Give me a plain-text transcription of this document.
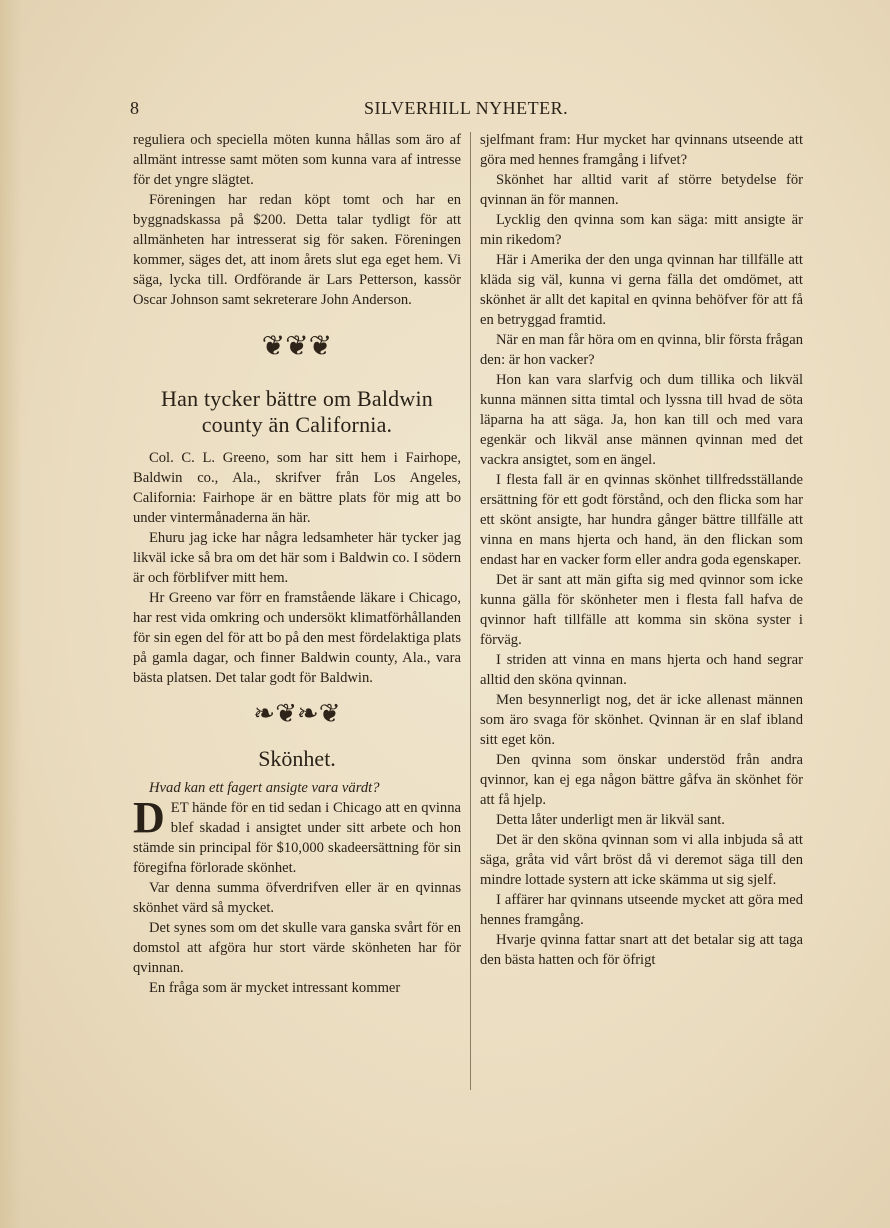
8	SILVERHILL NYHETER.

reguliera och speciella möten kunna hållas som äro af allmänt intresse samt möten som kunna vara af intresse för det yngre slägtet.

Föreningen har redan köpt tomt och har en byggnadskassa på $200. Detta talar tydligt för att allmänheten har intresserat sig för saken. Föreningen kommer, säges det, att inom årets slut ega eget hem. Vi säga, lycka till. Ordförande är Lars Petterson, kassör Oscar Johnson samt sekreterare John Anderson.

❦❦❦
Han tycker bättre om Baldwin county än California.

Col. C. L. Greeno, som har sitt hem i Fairhope, Baldwin co., Ala., skrifver från Los Angeles, California: Fairhope är en bättre plats för mig att bo under vintermånaderna än här.

Ehuru jag icke har några ledsamheter här tycker jag likväl icke så bra om det här som i Baldwin co. I södern är och förblifver mitt hem.

Hr Greeno var förr en framstående läkare i Chicago, har rest vida omkring och undersökt klimatförhållanden för sin egen del för att bo på den mest fördelaktiga plats på gamla dagar, och finner Baldwin county, Ala., vara bästa platsen. Det talar godt för Baldwin.

❧❦❧❦
Skönhet.

Hvad kan ett fagert ansigte vara värdt?

DET hände för en tid sedan i Chicago att en qvinna blef skadad i ansigtet under sitt arbete och hon stämde sin principal för $10,000 skadeersättning för sin föregifna förlorade skönhet.

Var denna summa öfverdrifven eller är en qvinnas skönhet värd så mycket.

Det synes som om det skulle vara ganska svårt för en domstol att afgöra hur stort värde skönheten har för qvinnan.

En fråga som är mycket intressant kommer

sjelfmant fram: Hur mycket har qvinnans utseende att göra med hennes framgång i lifvet?

Skönhet har alltid varit af större betydelse för qvinnan än för mannen.

Lycklig den qvinna som kan säga: mitt ansigte är min rikedom?

Här i Amerika der den unga qvinnan har tillfälle att kläda sig väl, kunna vi gerna fälla det omdömet, att skönhet är allt det kapital en qvinna behöfver för att få en betryggad framtid.

När en man får höra om en qvinna, blir första frågan den: är hon vacker?

Hon kan vara slarfvig och dum tillika och likväl kunna männen sitta timtal och lyssna till hvad de söta läparna ha att säga. Ja, hon kan till och med vara egenkär och likväl anse männen qvinnan med det vackra ansigtet, som en ängel.

I flesta fall är en qvinnas skönhet tillfredsställande ersättning för ett godt förstånd, och den flicka som har ett skönt ansigte, har hundra gånger bättre tillfälle att vinna en mans hjerta och hand, än den flickan som endast har en vacker form eller andra goda egenskaper.

Det är sant att män gifta sig med qvinnor som icke kunna gälla för skönheter men i flesta fall hafva de qvinnor haft tillfälle att komma sin sköna syster i förväg.

I striden att vinna en mans hjerta och hand segrar alltid den sköna qvinnan.

Men besynnerligt nog, det är icke allenast männen som äro svaga för skönhet. Qvinnan är en slaf ibland sitt eget kön.

Den qvinna som önskar understöd från andra qvinnor, kan ej ega någon bättre gåfva än skönhet för att få hjelp.

Detta låter underligt men är likväl sant.

Det är den sköna qvinnan som vi alla inbjuda så att säga, gråta vid vårt bröst då vi deremot säga till den mindre lottade systern att icke skämma ut sig sjelf.

I affärer har qvinnans utseende mycket att göra med hennes framgång.

Hvarje qvinna fattar snart att det betalar sig att taga den bästa hatten och för öfrigt
